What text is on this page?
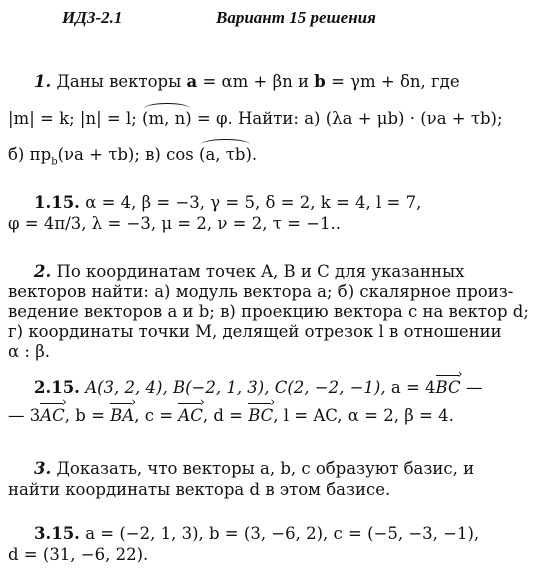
ИДЗ-2.1	Вариант 15 решения
1. Даны векторы a = αm + βn и b = γm + δn, где
|m| = k; |n| = l; (m, n) = φ. Найти: а) (λa + μb) · (νa + τb);
б) $пр_b(\nu a + \tau b)$; в) cos (a, τb).
1.15. α = 4, β = −3, γ = 5, δ = 2, k = 4, l = 7,
φ = 4π/3, λ = −3, μ = 2, ν = 2, τ = −1..
2. По координатам точек A, B и C для указанных
векторов найти: а) модуль вектора a; б) скалярное произ-
ведение векторов a и b; в) проекцию вектора c на вектор d;
г) координаты точки M, делящей отрезок l в отношении
α : β.
2.15. A(3, 2, 4), B(−2, 1, 3), C(2, −2, −1), a = 4BC › —
— 3AC ›, b = BA ›, c = AC ›, d = BC ›, l = AC, α = 2, β = 4.
3. Доказать, что векторы a, b, c образуют базис, и
найти координаты вектора d в этом базисе.
3.15. a = (−2, 1, 3), b = (3, −6, 2), c = (−5, −3, −1),
d = (31, −6, 22).
